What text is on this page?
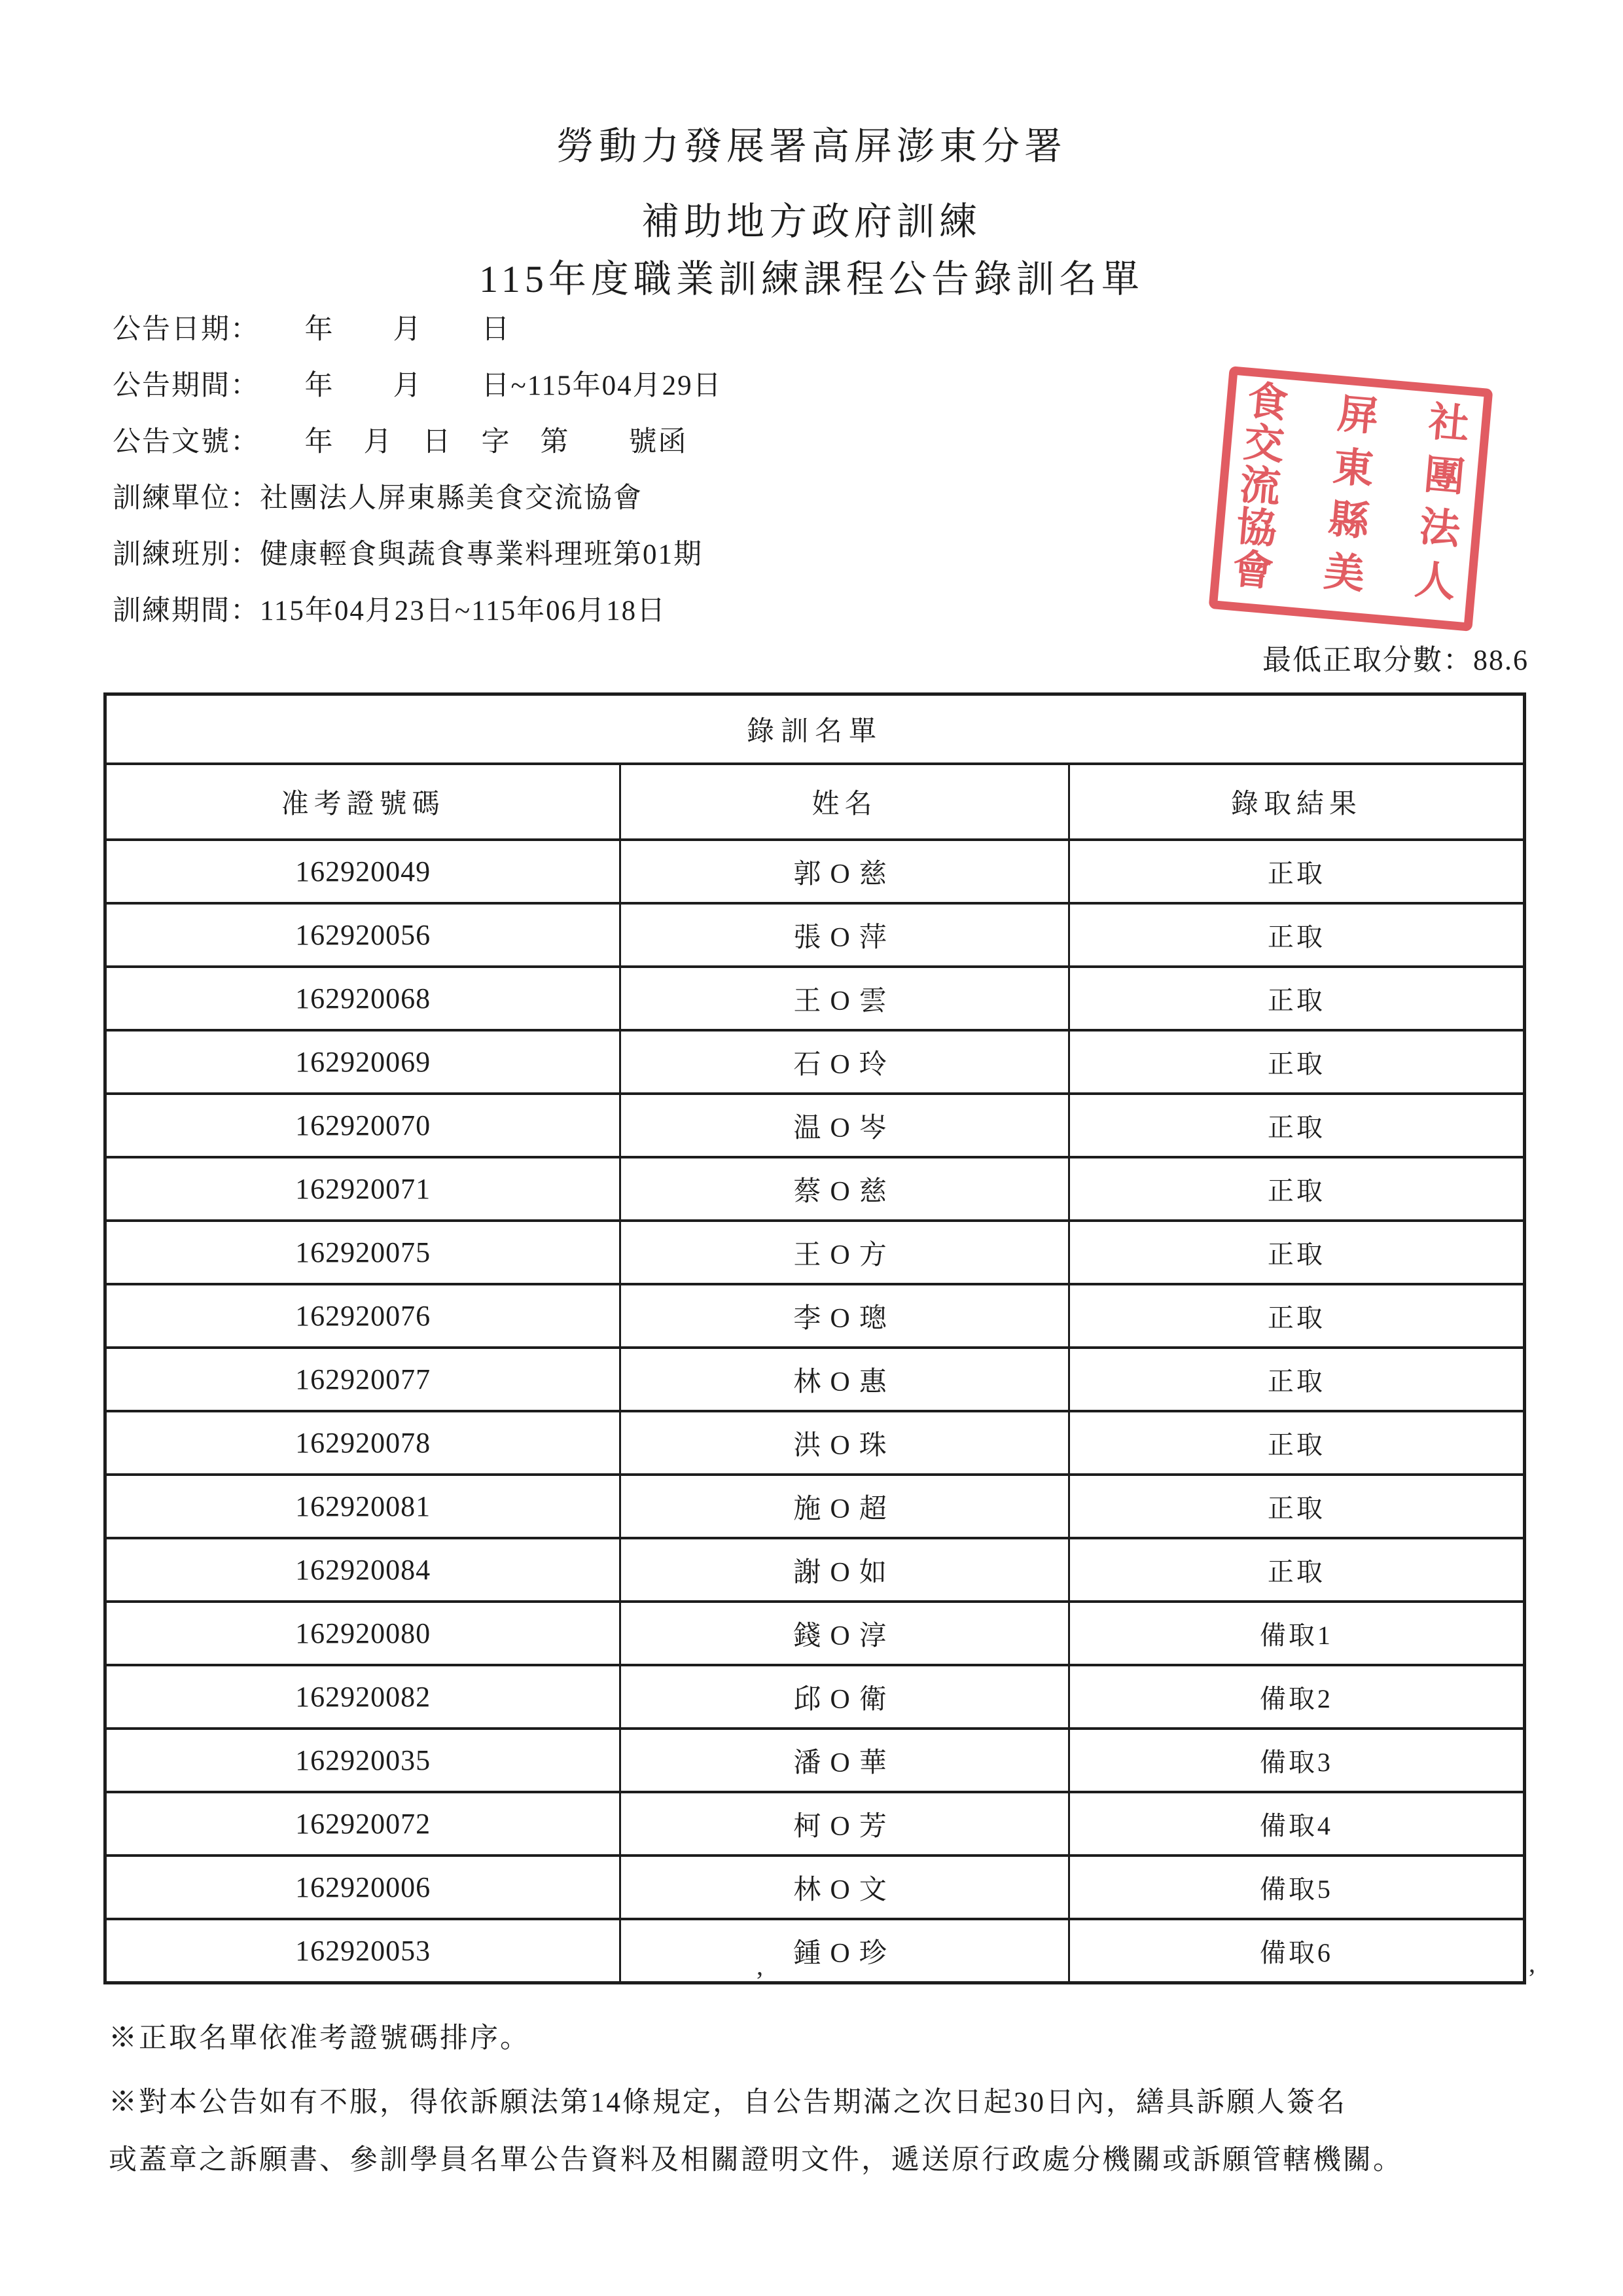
勞動力發展署高屏澎東分署
補助地方政府訓練
115年度職業訓練課程公告錄訓名單
公告日期：　　年　　月　　日
公告期間：　　年　　月　　日~115年04月29日
公告文號：　　年　月　日　字　第　　號函
訓練單位：社團法人屏東縣美食交流協會
訓練班別：健康輕食與蔬食專業料理班第01期
訓練期間：115年04月23日~115年06月18日
社團法人
屏東縣美
食交流協會
最低正取分數：88.6
錄訓名單		
准考證號碼	姓名	錄取結果
162920049	郭O慈	正取
162920056	張O萍	正取
162920068	王O雲	正取
162920069	石O玲	正取
162920070	温O岑	正取
162920071	蔡O慈	正取
162920075	王O方	正取
162920076	李O璁	正取
162920077	林O惠	正取
162920078	洪O珠	正取
162920081	施O超	正取
162920084	謝O如	正取
162920080	錢O淳	備取1
162920082	邱O衛	備取2
162920035	潘O華	備取3
162920072	柯O芳	備取4
162920006	林O文	備取5
162920053	鍾O珍	備取6
※正取名單依准考證號碼排序。
※對本公告如有不服，得依訴願法第14條規定，自公告期滿之次日起30日內，繕具訴願人簽名
或蓋章之訴願書、參訓學員名單公告資料及相關證明文件，遞送原行政處分機關或訴願管轄機關。
,	,
